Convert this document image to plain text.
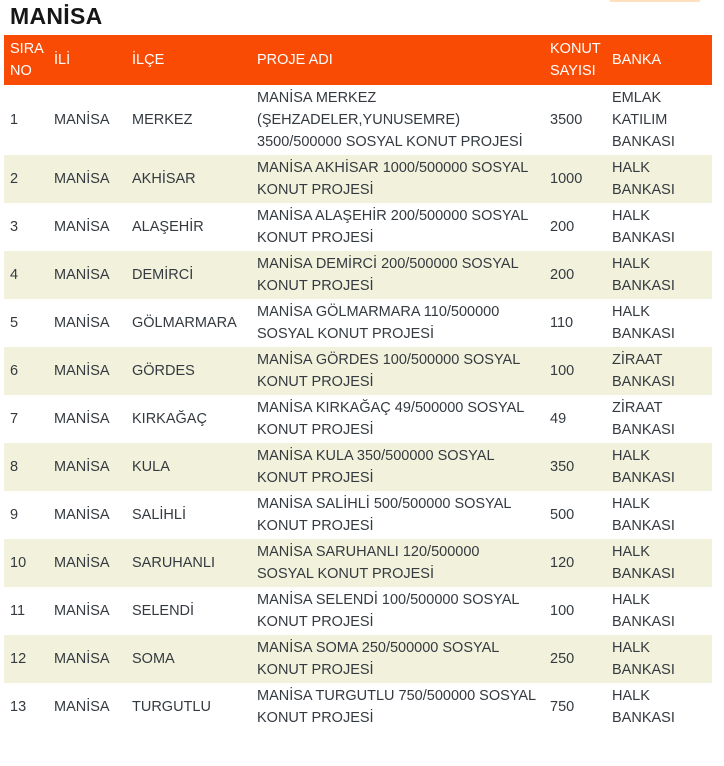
MANİSA
SIRA NO	İLİ	İLÇE	PROJE ADI	KONUT SAYISI	BANKA
1	MANİSA	MERKEZ	MANİSA MERKEZ (ŞEHZADELER,YUNUSEMRE) 3500/500000 SOSYAL KONUT PROJESİ	3500	EMLAK KATILIM BANKASI
2	MANİSA	AKHİSAR	MANİSA AKHİSAR 1000/500000 SOSYAL KONUT PROJESİ	1000	HALK BANKASI
3	MANİSA	ALAŞEHİR	MANİSA ALAŞEHİR 200/500000 SOSYAL KONUT PROJESİ	200	HALK BANKASI
4	MANİSA	DEMİRCİ	MANİSA DEMİRCİ 200/500000 SOSYAL KONUT PROJESİ	200	HALK BANKASI
5	MANİSA	GÖLMARMARA	MANİSA GÖLMARMARA 110/500000 SOSYAL KONUT PROJESİ	110	HALK BANKASI
6	MANİSA	GÖRDES	MANİSA GÖRDES 100/500000 SOSYAL KONUT PROJESİ	100	ZİRAAT BANKASI
7	MANİSA	KIRKAĞAÇ	MANİSA KIRKAĞAÇ 49/500000 SOSYAL KONUT PROJESİ	49	ZİRAAT BANKASI
8	MANİSA	KULA	MANİSA KULA 350/500000 SOSYAL KONUT PROJESİ	350	HALK BANKASI
9	MANİSA	SALİHLİ	MANİSA SALİHLİ 500/500000 SOSYAL KONUT PROJESİ	500	HALK BANKASI
10	MANİSA	SARUHANLI	MANİSA SARUHANLI 120/500000 SOSYAL KONUT PROJESİ	120	HALK BANKASI
11	MANİSA	SELENDİ	MANİSA SELENDİ 100/500000 SOSYAL KONUT PROJESİ	100	HALK BANKASI
12	MANİSA	SOMA	MANİSA SOMA 250/500000 SOSYAL KONUT PROJESİ	250	HALK BANKASI
13	MANİSA	TURGUTLU	MANİSA TURGUTLU 750/500000 SOSYAL KONUT PROJESİ	750	HALK BANKASI
